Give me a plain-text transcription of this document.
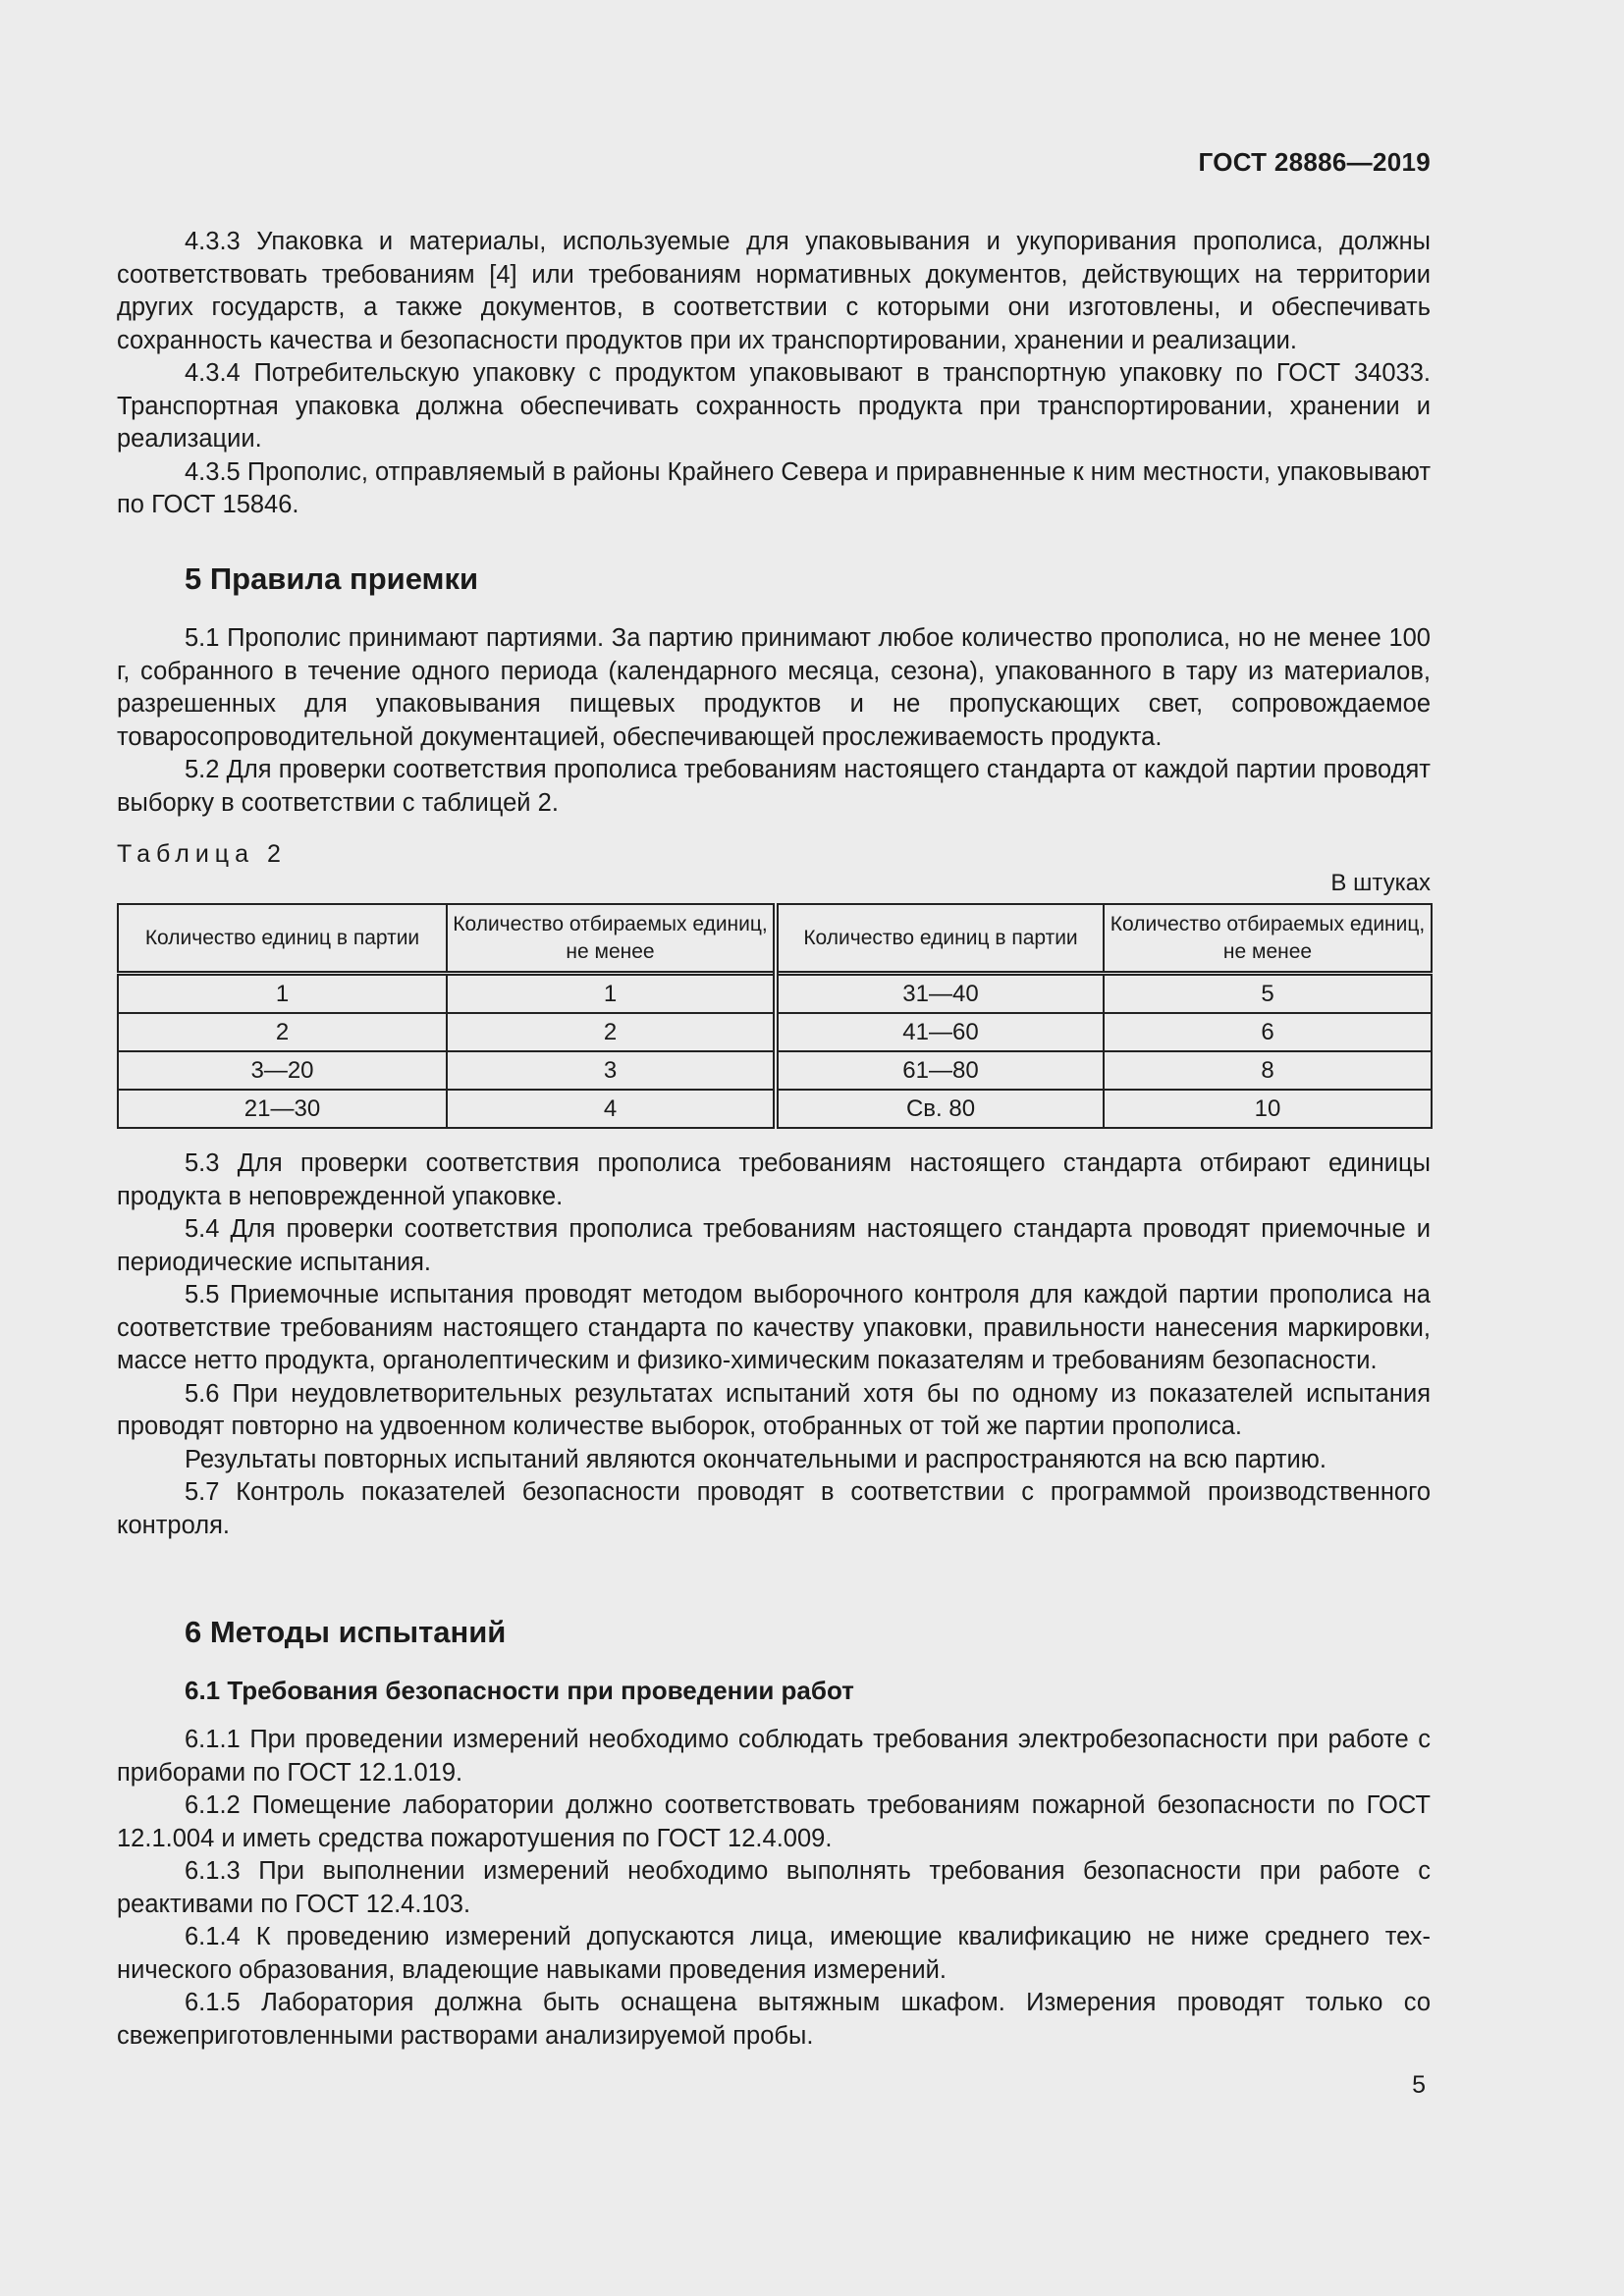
ГОСТ 28886—2019

4.3.3 Упаковка и материалы, используемые для упаковывания и укупоривания прополиса, должны соответствовать требованиям [4] или требованиям нормативных документов, действующих на территории других государств, а также документов, в соответствии с которыми они изготовлены, и обеспечивать сохранность качества и безопасности продуктов при их транспортировании, хранении и реализации.

4.3.4 Потребительскую упаковку с продуктом упаковывают в транспортную упаковку по ГОСТ 34033. Транспортная упаковка должна обеспечивать сохранность продукта при транспортировании, хранении и реализации.

4.3.5 Прополис, отправляемый в районы Крайнего Севера и приравненные к ним местности, упаковывают по ГОСТ 15846.

5 Правила приемки

5.1 Прополис принимают партиями. За партию принимают любое количество прополиса, но не менее 100 г, собранного в течение одного периода (календарного месяца, сезона), упакованного в тару из материалов, разрешенных для упаковывания пищевых продуктов и не пропускающих свет, сопровождаемое товаросопроводительной документацией, обеспечивающей прослеживаемость продукта.

5.2 Для проверки соответствия прополиса требованиям настоящего стандарта от каждой партии проводят выборку в соответствии с таблицей 2.

Таблица 2
В штуках
Количество единиц в партии	Количество отбираемых единиц, не менее	Количество единиц в партии	Количество отбираемых единиц, не менее
1	1	31—40	5
2	2	41—60	6
3—20	3	61—80	8
21—30	4	Св. 80	10

5.3 Для проверки соответствия прополиса требованиям настоящего стандарта отбирают единицы продукта в неповрежденной упаковке.

5.4 Для проверки соответствия прополиса требованиям настоящего стандарта проводят приемочные и периодические испытания.

5.5 Приемочные испытания проводят методом выборочного контроля для каждой партии прополиса на соответствие требованиям настоящего стандарта по качеству упаковки, правильности нанесения маркировки, массе нетто продукта, органолептическим и физико-химическим показателям и требованиям безопасности.

5.6 При неудовлетворительных результатах испытаний хотя бы по одному из показателей испытания проводят повторно на удвоенном количестве выборок, отобранных от той же партии прополиса.

Результаты повторных испытаний являются окончательными и распространяются на всю партию.

5.7 Контроль показателей безопасности проводят в соответствии с программой производственного контроля.

6 Методы испытаний
6.1 Требования безопасности при проведении работ

6.1.1 При проведении измерений необходимо соблюдать требования электробезопасности при работе с приборами по ГОСТ 12.1.019.

6.1.2 Помещение лаборатории должно соответствовать требованиям пожарной безопасности по ГОСТ 12.1.004 и иметь средства пожаротушения по ГОСТ 12.4.009.

6.1.3 При выполнении измерений необходимо выполнять требования безопасности при работе с реактивами по ГОСТ 12.4.103.

6.1.4 К проведению измерений допускаются лица, имеющие квалификацию не ниже среднего технического образования, владеющие навыками проведения измерений.

6.1.5 Лаборатория должна быть оснащена вытяжным шкафом. Измерения проводят только со свежеприготовленными растворами анализируемой пробы.

5
